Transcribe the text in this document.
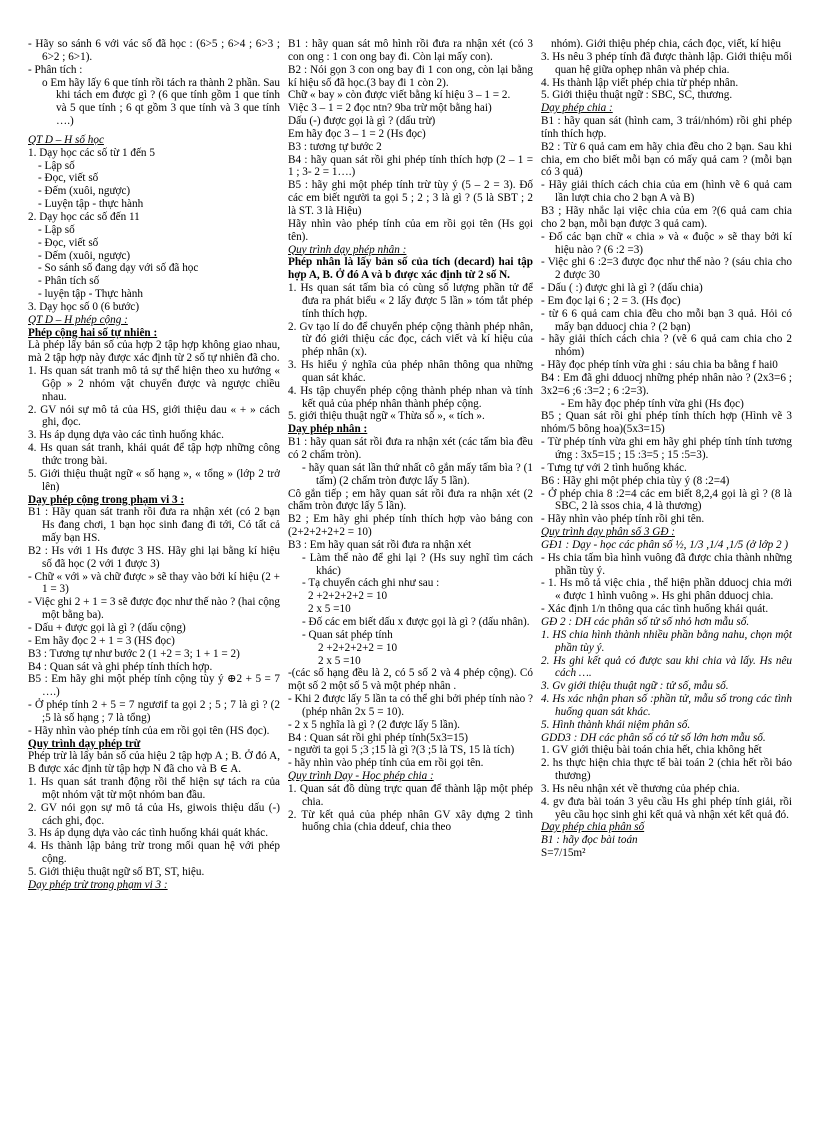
- Hãy so sánh 6 với vác số đã học : (6>5 ; 6>4 ; 6>3 ; 6>2 ; 6>1).

- Phân tích :

o Em hãy lấy 6 que tính rồi tách ra thành 2 phần. Sau khi tách em được gì ? (6 que tính gồm 1 que tính và 5 que tính ; 6 qt gồm 3 que tính và 3 que tính ….)

QT D – H số học

1. Dạy học các số từ 1 đến 5

- Lập số

- Đọc, viết số

- Đếm (xuôi, ngược)

- Luyện tập - thực hành

2. Dạy học các số đến 11

- Lập số

- Đọc, viết số

- Dếm (xuôi, ngược)

- So sánh số đang dạy với số đã học

- Phân tích số

- luyện tập - Thực hành

3. Dạy học số 0 (6 bước)

QT D – H phép cộng :

Phép cộng hai số tự nhiên :

Là phép lấy bản số của hợp 2 tập hợp không giao nhau, mà 2 tập hợp này được xác định từ 2 số tự nhiên đã cho.

1. Hs quan sát tranh mô tả sự thể hiện theo xu hướng « Gộp » 2 nhóm vật chuyển được và ngược chiều nhau.

2. GV nói sự mô tả của HS, giới thiệu dau « + » cách ghi, đọc.

3. Hs áp dụng dựa vào các tình huống khác.

4. Hs quan sát tranh, khái quát để tập hợp những công thức trong bài.

5. Giới thiệu thuật ngữ « số hạng », « tổng » (lớp 2 trở lên)

Dạy phép cộng trong phạm vi 3 :

B1 : Hãy quan sát tranh rồi đưa ra nhận xét (có 2 bạn Hs đang chơi, 1 bạn học sinh đang đi tới, Có tất cả mấy bạn HS.

B2 : Hs với 1 Hs được 3 HS. Hãy ghi lại bằng kí hiệu số đã học (2 với 1 được 3)

- Chữ « với » và chữ được » sẽ thay vào bởi kí hiệu (2 + 1 = 3)

- Việc ghi 2 + 1 = 3 sẽ được đọc như thế nào ? (hai cộng một bằng ba).

- Dấu + được gọi là gì ? (dấu cộng)

- Em hãy đọc 2 + 1 = 3 (HS đọc)

B3 : Tương tự như bước 2 (1 +2 = 3; 1 + 1 = 2)

B4 : Quan sát và ghi phép tính thích hợp.

B5 : Em hãy ghi một phép tính cộng tùy ý ⊕2 + 5 = 7 ….)

- Ở phép tính 2 + 5 = 7 ngươif ta gọi 2 ; 5 ; 7 là gì ? (2 ;5 là số hạng ; 7 là tổng)

- Hãy nhìn vào phép tính của em rồi gọi tên (HS đọc).

Quy trình dạy phép trừ

Phép trừ là lấy bản số của hiệu 2 tập hợp A ; B. Ở đó A, B được xác định từ tập hợp N đã cho và B ∈ A.

1. Hs quan sát tranh động rồi thể hiện sự tách ra của một nhóm vật từ một nhóm ban đầu.

2. GV nói gọn sự mô tả của Hs, giwois thiệu dấu (-) cách ghi, đọc.

3. Hs áp dụng dựa vào các tình huống khái quát khác.

4. Hs thành lập bảng trừ trong mối quan hệ với phép cộng.

5. Giới thiệu thuật ngữ số BT, ST, hiệu.

Dạy phép trừ trong phạm vi 3 :

B1 : hãy quan sát mô hình rồi đưa ra nhận xét (có 3 con ong : 1 con ong bay đi. Còn lại mấy con).

B2 : Nói gọn 3 con ong bay đi 1 con ong, còn lại bằng kí hiệu số đã học.(3 bay đi 1 còn 2).

Chữ « bay » còn được viết bằng kí hiệu 3 – 1 = 2.

Việc 3 – 1 = 2 đọc ntn? 9ba trừ một bằng hai)

Dấu (-) được gọi là gì ? (dấu trừ)

Em hãy đọc 3 – 1 = 2 (Hs đọc)

B3 : tương tự bước 2

B4 : hãy quan sát rồi ghi phép tính thích hợp (2 – 1 = 1 ; 3- 2 = 1….)

B5 : hãy ghi một phép tính trừ tùy ý (5 – 2 = 3). Đố các em biết người ta gọi 5 ; 2 ; 3 là gì ? (5 là SBT ; 2 là ST. 3 là Hiệu)

Hãy nhìn vào phép tính của em rồi gọi tên (Hs gọi tên).

Quy trình dạy phép nhân :

Phép nhân là lấy bản số của tích (decard) hai tập hợp A, B. Ở đó A và b được xác định từ 2 số N.

1. Hs quan sát tấm bìa có cùng số lượng phần tử để đưa ra phát biểu « 2 lấy được 5 lần » tóm tắt phép tính thích hợp.

2. Gv tạo lí do để chuyển phép cộng thành phép nhân, từ đó giới thiệu các đọc, cách viết và kí hiệu của phép nhân (x).

3. Hs hiểu ý nghĩa của phép nhân thông qua những quan sát khác.

4. Hs tập chuyển phép cộng thành phép nhan và tính kết quả của phép nhân thành phép cộng.

5. giới thiệu thuật ngữ « Thừa số », « tích ».

Dạy phép nhân :

B1 : hãy quan sát rồi đưa ra nhận xét (các tấm bìa đều có 2 chấm tròn).

- hãy quan sát lần thứ nhất cô gắn mấy tấm bìa ? (1 tấm) (2 chấm tròn được lấy 5 lần).

Cô gắn tiếp ; em hãy quan sát rồi đưa ra nhận xét (2 chấm tròn được lấy 5 lần).

B2 ; Em hãy ghi phép tính thích hợp vào bảng con (2+2+2+2+2 = 10)

B3 : Em hãy quan sát rồi đưa ra nhận xét

- Làm thế nào để ghi lại ? (Hs suy nghĩ tìm cách khác)

- Tạ chuyển cách ghi như sau :

2 +2+2+2+2 = 10

2 x 5 =10

- Đố các em biết dấu x được gọi là gì ? (dấu nhân).

- Quan sát phép tính

2 +2+2+2+2 = 10

2 x 5 =10

-(các số hạng đều là 2, có 5 số 2 và 4 phép cộng). Có một số 2 một số 5 và một phép nhân .

- Khi 2 được lấy 5 lần ta có thể ghi bởi phép tính nào ? (phép nhân 2x 5 = 10).

- 2 x 5 nghĩa là gì ? (2 được lấy 5 lần).

B4 : Quan sát rồi ghi phép tính(5x3=15)

- người ta gọi 5 ;3 ;15 là gì ?(3 ;5 là TS, 15 là tích)

- hãy nhìn vào phép tính của em rồi gọi tên.

Quy trình Dạy - Học phép chia :

1. Quan sát đồ dùng trực quan để thành lập một phép chia.

2. Từ kết quả của phép nhân GV xây dựng 2 tình huống chia (chia ddeuf, chia theo

nhóm). Giới thiệu phép chia, cách đọc, viết, kí hiệu

3. Hs nêu 3 phép tính đã được thành lập. Giới thiệu mối quan hệ giữa ophẹp nhân và phép chia.

4. Hs thành lập viết phép chia từ phép nhân.

5. Giới thiệu thuật ngữ : SBC, SC, thương.

Dạy phép chia :

B1 : hãy quan sát (hình cam, 3 trái/nhóm) rồi ghi phép tính thích hợp.

B2 : Từ 6 quả cam em hãy chia đều cho 2 bạn. Sau khi chia, em cho biết mỗi bạn có mấy quả cam ? (mỗi bạn có 3 quả)

- Hãy giải thích cách chia của em (hình vẽ 6 quả cam lần lượt chia cho 2 bạn A và B)

B3 ; Hãy nhắc lại việc chia của em ?(6 quả cam chia cho 2 bạn, mỗi bạn được 3 quả cam).

- Đố các bạn chữ « chia » và « đuộc » sẽ thay bởi kí hiệu nào ? (6 :2 =3)

- Việc ghi 6 :2=3 được đọc như thế nào ? (sáu chia cho 2 được 30

- Dấu ( :) được ghi là gì ? (dấu chia)

- Em đọc lại 6 ; 2 = 3. (Hs đọc)

- từ 6 6 quả cam chia đều cho mỗi bạn 3 quả. Hỏi có mấy bạn dduocj chia ? (2 bạn)

- hãy giải thích cách chia ? (vẽ 6 quả cam chia cho 2 nhóm)

- Hãy đọc phép tính vừa ghi : sáu chia ba bằng f hai0

B4 : Em đã ghi dduocj những phép nhân nào ? (2x3=6 ; 3x2=6 ;6 :3=2 ; 6 :2=3).

- Em hãy đọc phép tính vừa ghi (Hs đọc)

B5 ; Quan sát rồi ghi phép tính thích hợp (Hình vẽ 3 nhóm/5 bông hoa)(5x3=15)

- Từ phép tính vừa ghi em hãy ghi phép tính tính tương ứng : 3x5=15 ; 15 :3=5 ; 15 :5=3).

- Tưng tự với 2 tình huống khác.

B6 : Hãy ghi một phép chia tùy ý (8 :2=4)

- Ở phép chia 8 :2=4 các em biết 8,2,4 gọi là gì ? (8 là SBC, 2 là ssos chia, 4 là thương)

- Hãy nhìn vào phép tính rồi ghi tên.

Quy trình dạy phân số 3 GĐ :

GĐ1 : Dạy - học các phân số ½, 1/3 ,1/4 ,1/5 (ở lớp 2 )

- Hs chia tấm bìa hình vuông đã được chia thành những phần tùy ý.

- 1. Hs mô tả việc chia , thể hiện phần dduocj chia mới « được 1 hình vuông ». Hs ghi phân dduocj chia.

- Xác định 1/n thông qua các tình huống khái quát.

GĐ 2 : DH các phân số tử số nhỏ hơn mẫu số.

1. HS chia hình thành nhiều phần bằng nahu, chọn một phần tùy ý.

2. Hs ghi kết quả có được sau khi chia và lấy. Hs nêu cách ….

3. Gv giới thiệu thuật ngữ : tử số, mẫu số.

4. Hs xác nhận phan số :phần tử, mẫu số trong các tình huống quan sát khác.

5. Hình thành khái niệm phân số.

GDD3 : DH các phân số có tử số lớn hơn mẫu số.

1. GV giới thiệu bài toán chia hết, chia không hết

2. hs thực hiện chia thực tế bài toán 2 (chia hết rồi báo thương)

3. Hs nêu nhận xét về thương của phép chia.

4. gv đưa bài toán 3 yêu cầu Hs ghi phép tính giải, rồi yêu cầu học sinh ghi kết quả và nhận xét kết quả đó.

Dạy phép chia phân số

B1 : hãy đọc bài toán

S=7/15m²
